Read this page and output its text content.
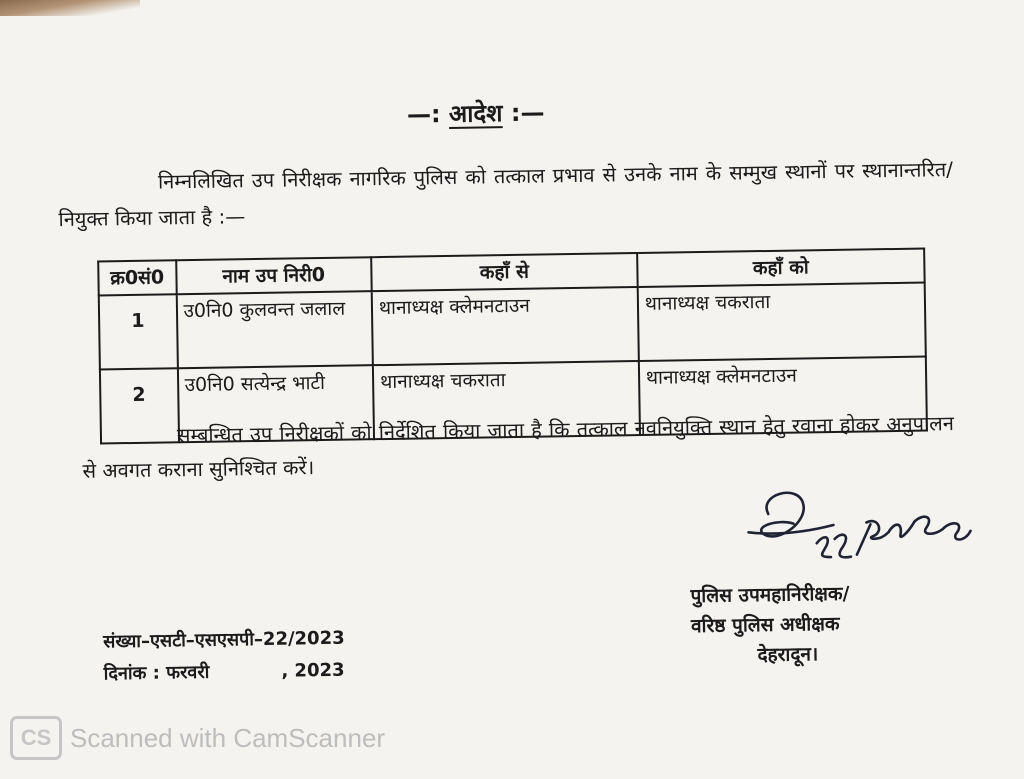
—: आदेश :—
निम्नलिखित उप निरीक्षक नागरिक पुलिस को तत्काल प्रभाव से उनके नाम के सम्मुख स्थानों पर स्थानान्तरित/नियुक्त किया जाता है :—
क्र0सं0	नाम उप निरी0	कहाँ से	कहाँ को
1	उ0नि0 कुलवन्त जलाल	थानाध्यक्ष क्लेमनटाउन	थानाध्यक्ष चकराता
2	उ0नि0 सत्येन्द्र भाटी	थानाध्यक्ष चकराता	थानाध्यक्ष क्लेमनटाउन
सम्बन्धित उप निरीक्षकों को निर्देशित किया जाता है कि तत्काल नवनियुक्ति स्थान हेतु रवाना होकर अनुपालन से अवगत कराना सुनिश्चित करें।
संख्या–एसटी–एसएसपी–22/2023
दिनांक : फरवरी	, 2023
पुलिस उपमहानिरीक्षक/
वरिष्ठ पुलिस अधीक्षक
देहरादून।
CS Scanned with CamScanner
